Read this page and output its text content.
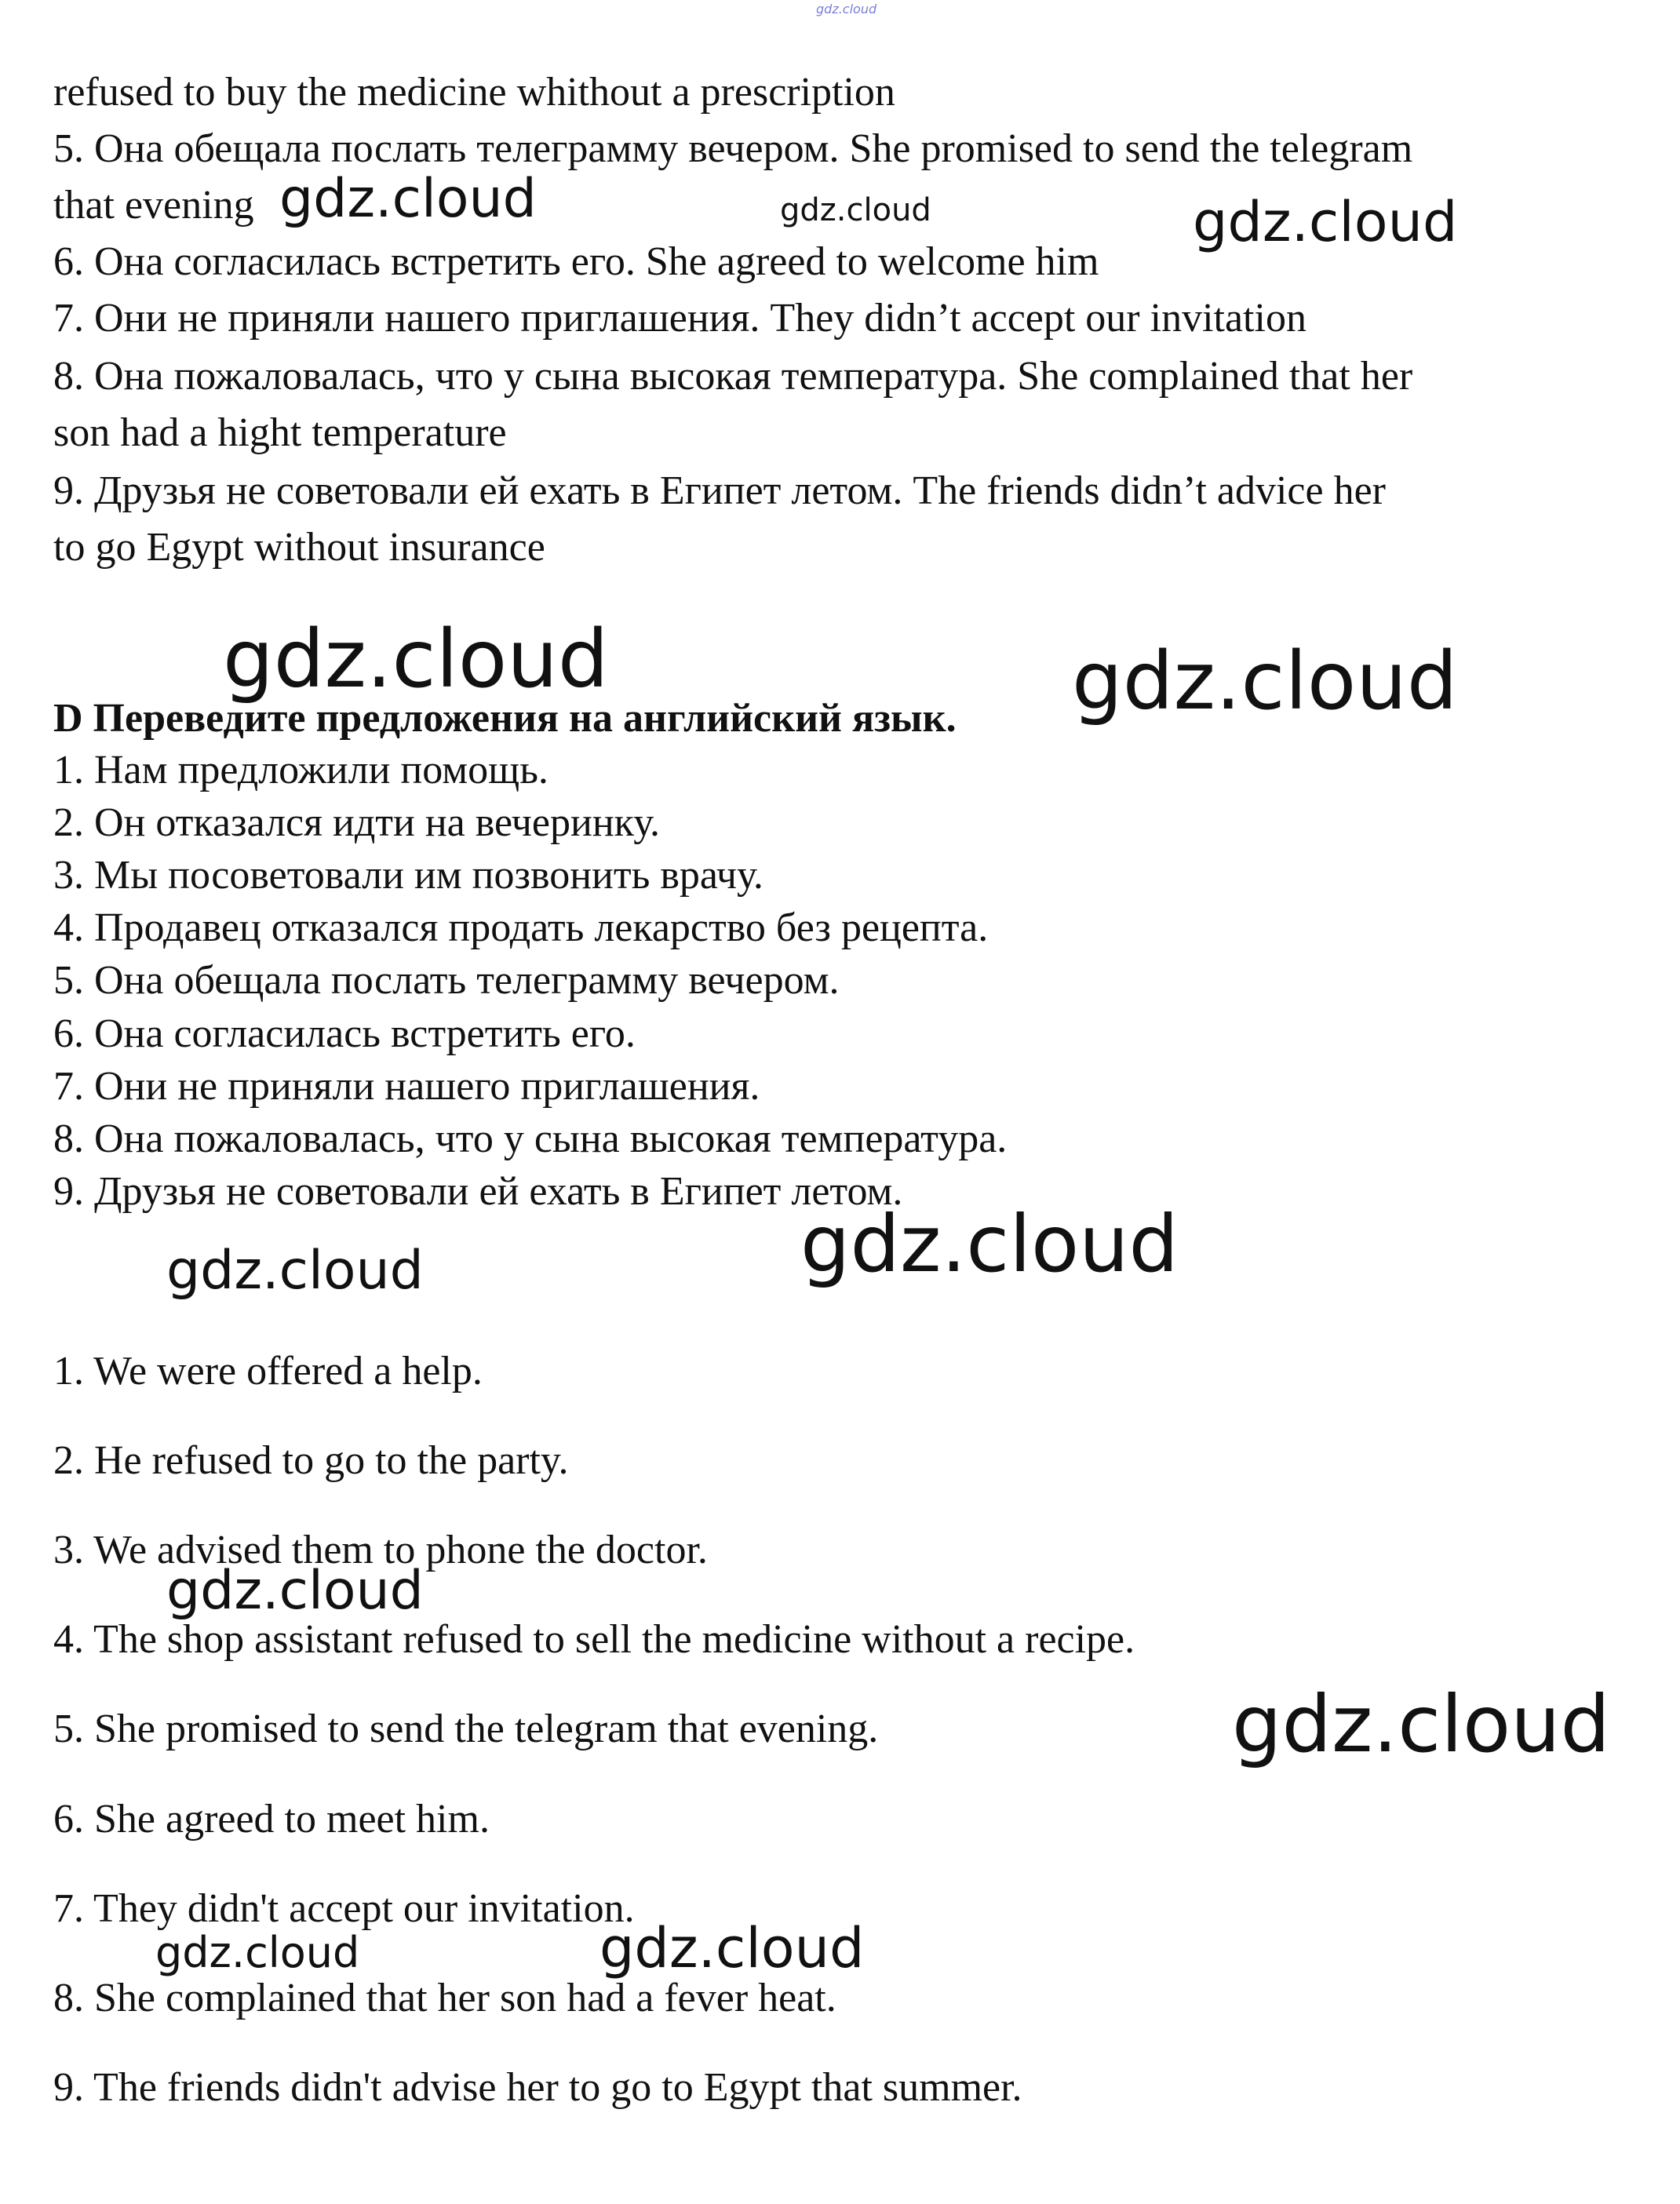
gdz.cloud
refused to buy the medicine whithout a prescription
5. Она обещала послать телеграмму вечером. She promised to send the telegram
that evening
6. Она согласилась встретить его. She agreed to welcome him
7. Они не приняли нашего приглашения. They didn’t accept our invitation
8. Она пожаловалась, что у сына высокая температура. She complained that her
son had a hight temperature
9. Друзья не советовали ей ехать в Египет летом. The friends didn’t advice her
to go Egypt without insurance
D Переведите предложения на английский язык.
1. Нам предложили помощь.
2. Он отказался идти на вечеринку.
3. Мы посоветовали им позвонить врачу.
4. Продавец отказался продать лекарство без рецепта.
5. Она обещала послать телеграмму вечером.
6. Она согласилась встретить его.
7. Они не приняли нашего приглашения.
8. Она пожаловалась, что у сына высокая температура.
9. Друзья не советовали ей ехать в Египет летом.
1. We were offered a help.
2. He refused to go to the party.
3. We advised them to phone the doctor.
4. The shop assistant refused to sell the medicine without a recipe.
5. She promised to send the telegram that evening.
6. She agreed to meet him.
7. They didn't accept our invitation.
8. She complained that her son had a fever heat.
9. The friends didn't advise her to go to Egypt that summer.
gdz.cloud	gdz.cloud	gdz.cloud
gdz.cloud	gdz.cloud
gdz.cloud
gdz.cloud
gdz.cloud
gdz.cloud
gdz.cloud	gdz.cloud
